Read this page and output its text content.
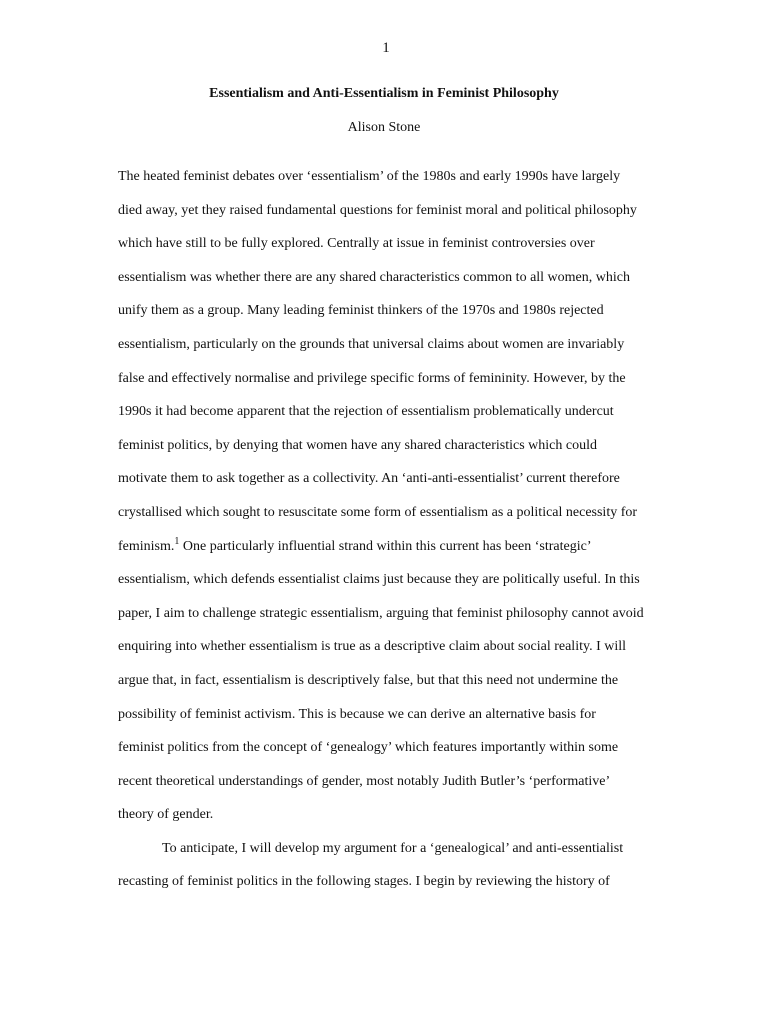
1
Essentialism and Anti-Essentialism in Feminist Philosophy
Alison Stone
The heated feminist debates over ‘essentialism’ of the 1980s and early 1990s have largely
died away, yet they raised fundamental questions for feminist moral and political philosophy
which have still to be fully explored. Centrally at issue in feminist controversies over
essentialism was whether there are any shared characteristics common to all women, which
unify them as a group. Many leading feminist thinkers of the 1970s and 1980s rejected
essentialism, particularly on the grounds that universal claims about women are invariably
false and effectively normalise and privilege specific forms of femininity. However, by the
1990s it had become apparent that the rejection of essentialism problematically undercut
feminist politics, by denying that women have any shared characteristics which could
motivate them to ask together as a collectivity. An ‘anti-anti-essentialist’ current therefore
crystallised which sought to resuscitate some form of essentialism as a political necessity for
feminism.$^1$ One particularly influential strand within this current has been ‘strategic’
essentialism, which defends essentialist claims just because they are politically useful. In this
paper, I aim to challenge strategic essentialism, arguing that feminist philosophy cannot avoid
enquiring into whether essentialism is true as a descriptive claim about social reality. I will
argue that, in fact, essentialism is descriptively false, but that this need not undermine the
possibility of feminist activism. This is because we can derive an alternative basis for
feminist politics from the concept of ‘genealogy’ which features importantly within some
recent theoretical understandings of gender, most notably Judith Butler’s ‘performative’
theory of gender.
To anticipate, I will develop my argument for a ‘genealogical’ and anti-essentialist
recasting of feminist politics in the following stages. I begin by reviewing the history of
